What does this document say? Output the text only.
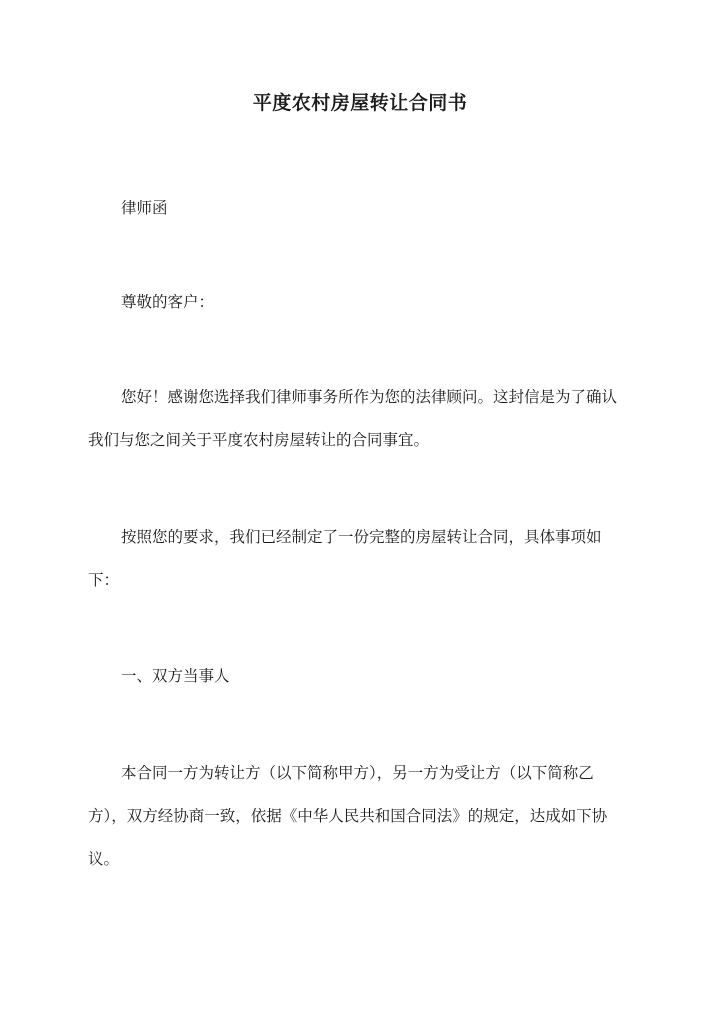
平度农村房屋转让合同书

律师函

尊敬的客户：

您好！感谢您选择我们律师事务所作为您的法律顾问。这封信是为了确认我们与您之间关于平度农村房屋转让的合同事宜。

按照您的要求，我们已经制定了一份完整的房屋转让合同，具体事项如下：

一、双方当事人

本合同一方为转让方（以下简称甲方），另一方为受让方（以下简称乙方），双方经协商一致，依据《中华人民共和国合同法》的规定，达成如下协议。
